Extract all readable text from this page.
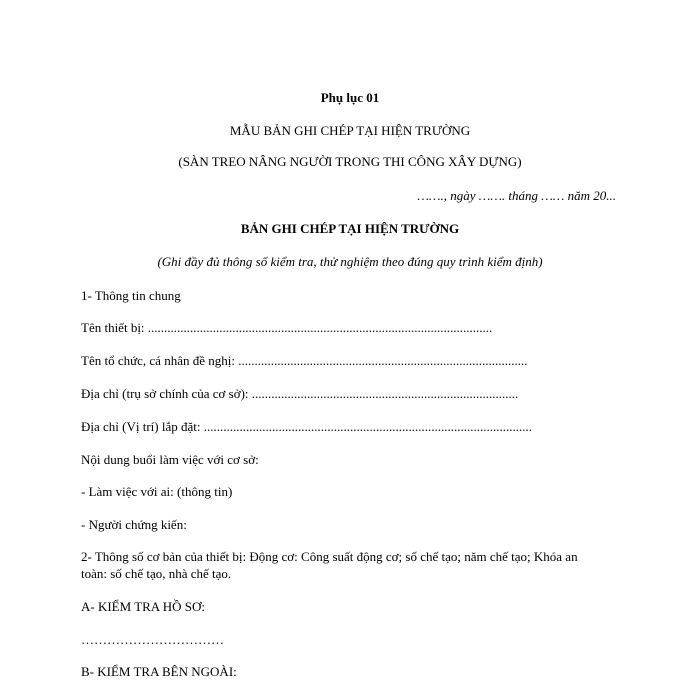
Phụ lục 01
MẪU BẢN GHI CHÉP TẠI HIỆN TRƯỜNG
(SÀN TREO NÂNG NGƯỜI TRONG THI CÔNG XÂY DỰNG)
……., ngày ……. tháng …… năm 20...
BẢN GHI CHÉP TẠI HIỆN TRƯỜNG
(Ghi đầy đủ thông số kiểm tra, thử nghiệm theo đúng quy trình kiểm định)
1- Thông tin chung
Tên thiết bị: ..........................................................................................................
Tên tổ chức, cá nhân đề nghị: .........................................................................................
Địa chỉ (trụ sở chính của cơ sở): ..................................................................................
Địa chỉ (Vị trí) lắp đặt: .....................................................................................................
Nội dung buổi làm việc với cơ sở:
- Làm việc với ai: (thông tin)
- Người chứng kiến:
2- Thông số cơ bản của thiết bị: Động cơ: Công suất động cơ; số chế tạo; năm chế tạo; Khóa an
toàn: số chế tạo, nhà chế tạo.
A- KIỂM TRA HỒ SƠ:
……………………………
B- KIỂM TRA BÊN NGOÀI:
